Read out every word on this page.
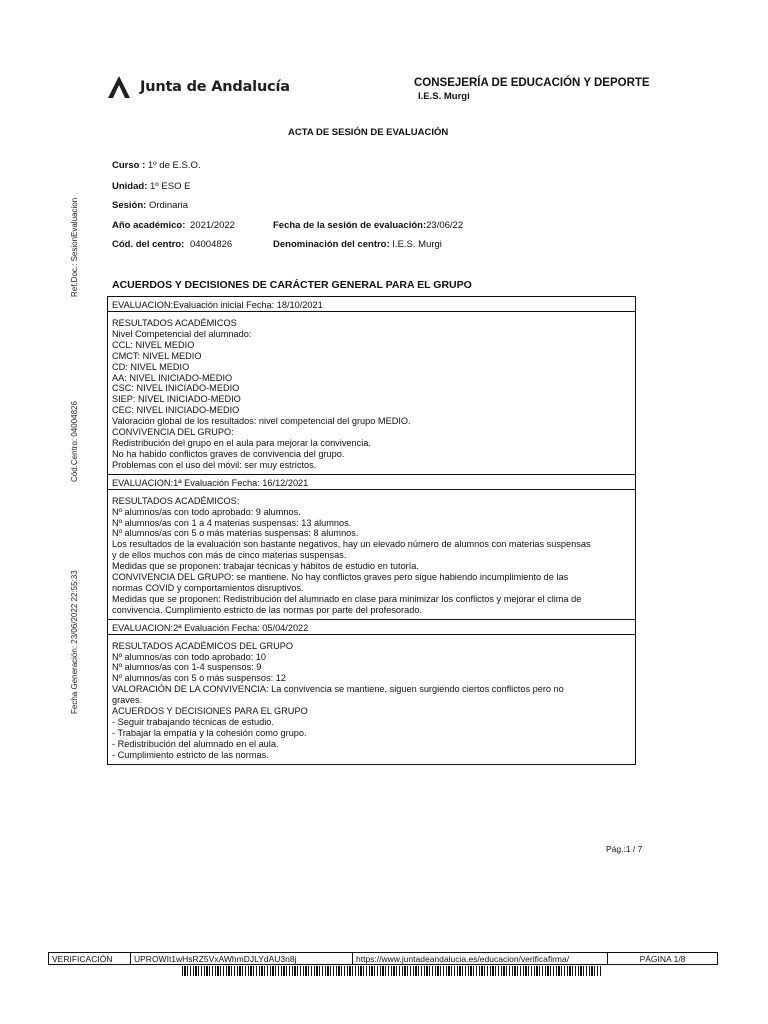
Junta de Andalucía	CONSEJERÍA DE EDUCACIÓN Y DEPORTE
I.E.S. Murgi
ACTA DE SESIÓN DE EVALUACIÓN
Curso : 1º de E.S.O.
Unidad: 1º ESO E
Sesión: Ordinaria
Año académico: 2021/2022	Fecha de la sesión de evaluación:23/06/22
Cód. del centro: 04004826	Denominación del centro: I.E.S. Murgi
Ref.Doc.: SesionEvaluacion
Cód.Centro: 04004826
Fecha Generación: 23/06/2022 22:55:33
ACUERDOS Y DECISIONES DE CARÁCTER GENERAL PARA EL GRUPO
EVALUACION:Evaluación inicial Fecha: 18/10/2021
RESULTADOS ACADÉMICOS
Nivel Competencial del alumnado:
CCL: NIVEL MEDIO
CMCT: NIVEL MEDIO
CD: NIVEL MEDIO
AA: NIVEL INICIADO-MEDIO
CSC: NIVEL INICIADO-MEDIO
SIEP: NIVEL INICIADO-MEDIO
CEC: NIVEL INICIADO-MEDIO
Valoración global de los resultados: nivel competencial del grupo MEDIO.
CONVIVENCIA DEL GRUPO:
Redistribución del grupo en el aula para mejorar la convivencia.
No ha habido conflictos graves de convivencia del grupo.
Problemas con el uso del móvil: ser muy estrictos.
EVALUACION:1ª Evaluación Fecha: 16/12/2021
RESULTADOS ACADÉMICOS:
Nº alumnos/as con todo aprobado: 9 alumnos.
Nº alumnos/as con 1 a 4 materias suspensas: 13 alumnos.
Nº alumnos/as con 5 o más materias suspensas: 8 alumnos.
Los resultados de la evaluación son bastante negativos, hay un elevado número de alumnos con materias suspensas
y de ellos muchos con más de cinco materias suspensas.
Medidas que se proponen: trabajar técnicas y hábitos de estudio en tutoría.
CONVIVENCIA DEL GRUPO: se mantiene. No hay conflictos graves pero sigue habiendo incumplimiento de las
normas COVID y comportamientos disruptivos.
Medidas que se proponen: Redistribución del alumnado en clase para minimizar los conflictos y mejorar el clima de
convivencia. Cumplimiento estricto de las normas por parte del profesorado.
EVALUACION:2ª Evaluación Fecha: 05/04/2022
RESULTADOS ACADÉMICOS DEL GRUPO
Nº alumnos/as con todo aprobado: 10
Nº alumnos/as con 1-4 suspensos: 9
Nº alumnos/as con 5 o más suspensos: 12
VALORACIÓN DE LA CONVIVENCIA: La convivencia se mantiene, siguen surgiendo ciertos conflictos pero no
graves.
ACUERDOS Y DECISIONES PARA EL GRUPO
- Seguir trabajando técnicas de estudio.
- Trabajar la empatía y la cohesión como grupo.
- Redistribución del alumnado en el aula.
- Cumplimiento estricto de las normas.
Pág.:1 / 7
VERIFICACIÓN	UPROWIt1wHsRZ5VxAWhmDJLYdAU3n8j	https://www.juntadeandalucia.es/educacion/verificafirma/	PÁGINA 1/8
